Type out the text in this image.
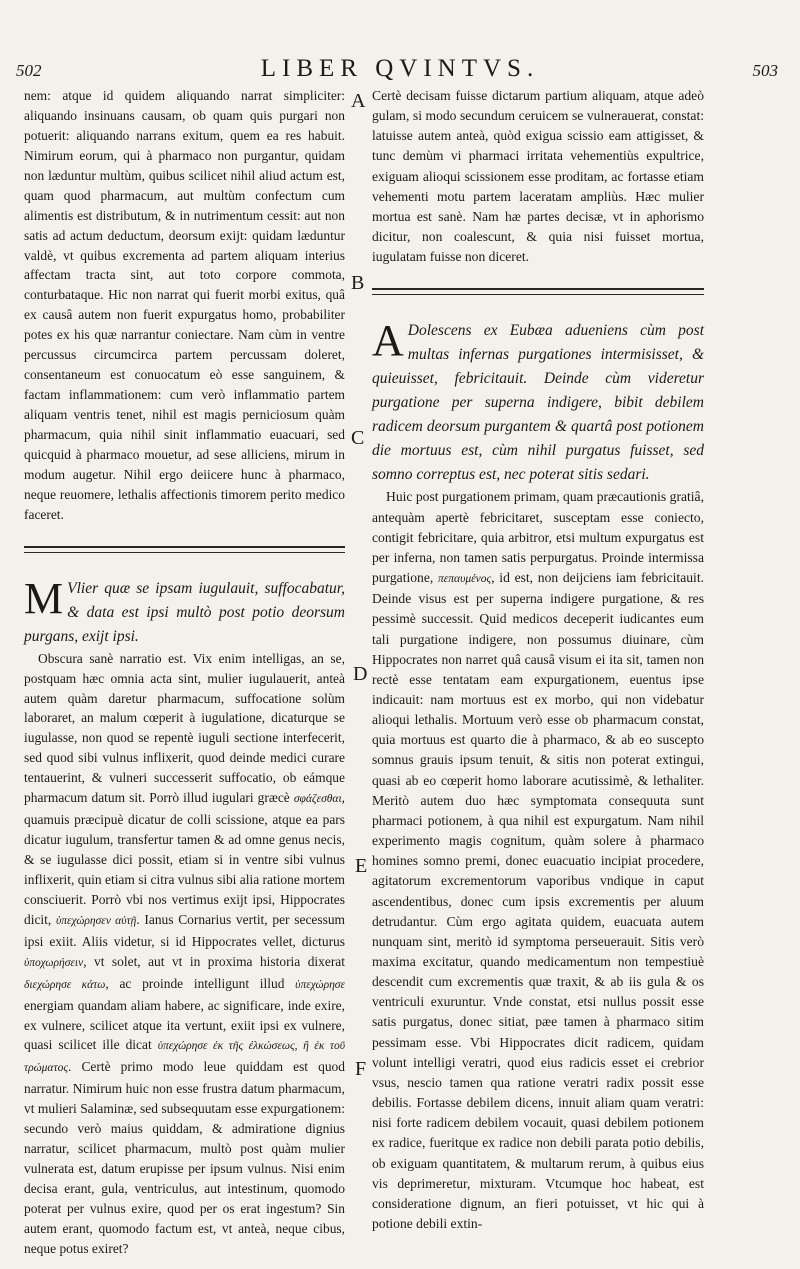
502	LIBER QVINTVS.	503
A
B
C
D
E
F

nem: atque id quidem aliquando narrat simpliciter: aliquando insinuans causam, ob quam quis purgari non potuerit: aliquando narrans exitum, quem ea res habuit. Nimirum eorum, qui à pharmaco non purgantur, quidam non læduntur multùm, quibus scilicet nihil aliud actum est, quam quod pharmacum, aut multùm confectum cum alimentis est distributum, & in nutrimentum cessit: aut non satis ad actum deductum, deorsum exijt: quidam læduntur valdè, vt quibus excrementa ad partem aliquam interius affectam tracta sint, aut toto corpore commota, conturbataque. Hic non narrat qui fuerit morbi exitus, quâ ex causâ autem non fuerit expurgatus homo, probabiliter potes ex his quæ narrantur coniectare. Nam cùm in ventre percussus circumcirca partem percussam doleret, consentaneum est conuocatum eò esse sanguinem, & factam inflammationem: cum verò inflammatio partem aliquam ventris tenet, nihil est magis perniciosum quàm pharmacum, quia nihil sinit inflammatio euacuari, sed quicquid à pharmaco mouetur, ad sese alliciens, mirum in modum augetur. Nihil ergo deiicere hunc à pharmaco, neque reuomere, lethalis affectionis timorem perito medico faceret.

M Vlier quæ se ipsam iugulauit, suffocabatur, & data est ipsi multò post potio deorsum purgans, exijt ipsi.

Obscura sanè narratio est. Vix enim intelligas, an se, postquam hæc omnia acta sint, mulier iugulauerit, anteà autem quàm daretur pharmacum, suffocatione solùm laboraret, an malum cœperit à iugulatione, dicaturque se iugulasse, non quod se repentè iuguli sectione interfecerit, sed quod sibi vulnus inflixerit, quod deinde medici curare tentauerint, & vulneri successerit suffocatio, ob eámque pharmacum datum sit. Porrò illud iugulari græcè σφάζεσθαι, quamuis præcipuè dicatur de colli scissione, atque ea pars dicatur iugulum, transfertur tamen & ad omne genus necis, & se iugulasse dici possit, etiam si in ventre sibi vulnus inflixerit, quin etiam si citra vulnus sibi alia ratione mortem consciuerit. Porrò vbi nos vertimus exijt ipsi, Hippocrates dicit, ὑπεχώρησεν αὐτῇ. Ianus Cornarius vertit, per secessum ipsi exiit. Aliis videtur, si id Hippocrates vellet, dicturus ὑποχωρήσειν, vt solet, aut vt in proxima historia dixerat διεχώρησε κάτω, ac proinde intelligunt illud ὑπεχώρησε energiam quandam aliam habere, ac significare, inde exire, ex vulnere, scilicet atque ita vertunt, exiit ipsi ex vulnere, quasi scilicet ille dicat ὑπεχώρησε ἐκ τῆς ἐλκώσεως, ἢ ἐκ τοῦ τρώματος. Certè primo modo leue quiddam est quod narratur. Nimirum huic non esse frustra datum pharmacum, vt mulieri Salaminæ, sed subsequutam esse expurgationem: secundo verò maius quiddam, & admiratione dignius narratur, scilicet pharmacum, multò post quàm mulier vulnerata est, datum erupisse per ipsum vulnus. Nisi enim decisa erant, gula, ventriculus, aut intestinum, quomodo poterat per vulnus exire, quod per os erat ingestum? Sin autem erant, quomodo factum est, vt anteà, neque cibus, neque potus exiret?

Certè decisam fuisse dictarum partium aliquam, atque adeò gulam, si modo secundum ceruicem se vulnerauerat, constat: latuisse autem anteà, quòd exigua scissio eam attigisset, & tunc demùm vi pharmaci irritata vehementiùs expultrice, exiguam alioqui scissionem esse proditam, ac fortasse etiam vehementi motu partem laceratam ampliùs. Hæc mulier mortua est sanè. Nam hæ partes decisæ, vt in aphorismo dicitur, non coalescunt, & quia nisi fuisset mortua, iugulatam fuisse non diceret.

A Dolescens ex Eubæa adueniens cùm post multas infernas purgationes intermisisset, & quieuisset, febricitauit. Deinde cùm videretur purgatione per superna indigere, bibit debilem radicem deorsum purgantem & quartâ post potionem die mortuus est, cùm nihil purgatus fuisset, sed somno correptus est, nec poterat sitis sedari.

Huic post purgationem primam, quam præcautionis gratiâ, antequàm apertè febricitaret, susceptam esse coniecto, contigit febricitare, quia arbitror, etsi multum expurgatus est per inferna, non tamen satis perpurgatus. Proinde intermissa purgatione, πεπαυμένος, id est, non deijciens iam febricitauit. Deinde visus est per superna indigere purgatione, & res pessimè successit. Quid medicos deceperit iudicantes eum tali purgatione indigere, non possumus diuinare, cùm Hippocrates non narret quâ causâ visum ei ita sit, tamen non rectè esse tentatam eam expurgationem, euentus ipse indicauit: nam mortuus est ex morbo, qui non videbatur alioqui lethalis. Mortuum verò esse ob pharmacum constat, quia mortuus est quarto die à pharmaco, & ab eo suscepto somnus grauis ipsum tenuit, & sitis non poterat extingui, quasi ab eo cœperit homo laborare acutissimè, & lethaliter. Meritò autem duo hæc symptomata consequuta sunt pharmaci potionem, à qua nihil est expurgatum. Nam nihil experimento magis cognitum, quàm solere à pharmaco homines somno premi, donec euacuatio incipiat procedere, agitatorum excrementorum vaporibus vndique in caput ascendentibus, donec cum ipsis excrementis per aluum detrudantur. Cùm ergo agitata quidem, euacuata autem nunquam sint, meritò id symptoma perseuerauit. Sitis verò maxima excitatur, quando medicamentum non tempestiuè descendit cum excrementis quæ traxit, & ab iis gula & os ventriculi exuruntur. Vnde constat, etsi nullus possit esse satis purgatus, donec sitiat, pæe tamen à pharmaco sitim pessimam esse. Vbi Hippocrates dicit radicem, quidam volunt intelligi veratri, quod eius radicis esset ei crebrior vsus, nescio tamen qua ratione veratri radix possit esse debilis. Fortasse debilem dicens, innuit aliam quam veratri: nisi forte radicem debilem vocauit, quasi debilem potionem ex radice, fueritque ex radice non debili parata potio debilis, ob exiguam quantitatem, & multarum rerum, à quibus eius vis deprimeretur, mixturam. Vtcumque hoc habeat, est consideratione dignum, an fieri potuisset, vt hic qui à potione debili extin-
